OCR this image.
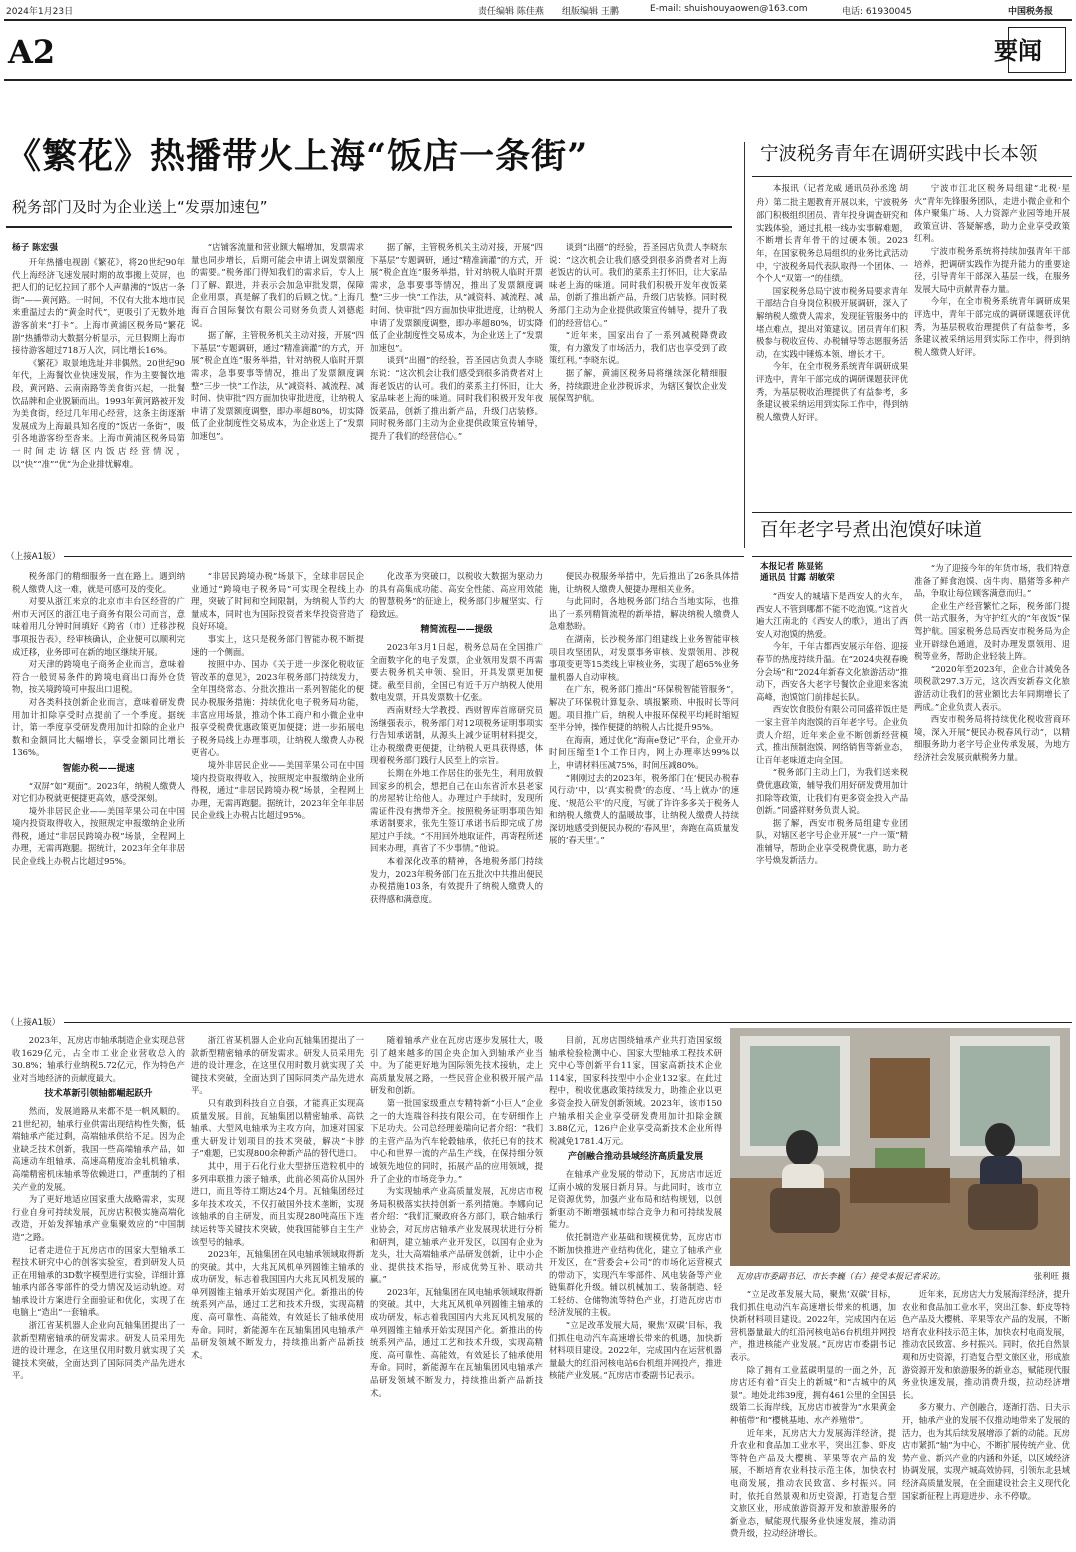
2024年1月23日	责任编辑 陈佳燕 组版编辑 王鹏	E-mail: shuishouyaowen@163.com	电话: 61930045	中国税务报
A2	要闻
《繁花》热播带火上海“饭店一条街”
税务部门及时为企业送上“发票加速包”
杨子 陈宏强

开年热播电视剧《繁花》，将20世纪90年代上海经济飞速发展时期的故事搬上荧屏，也把人们的记忆拉回了那个人声鼎沸的“饭店一条街”——黄河路。一时间，不仅有大批本地市民来重温过去的“黄金时代”，更吸引了无数外地游客前来“打卡”。上海市黄浦区税务局“繁花剧”热播带动大数据分析显示，元旦假期上海市接待游客超过718万人次，同比增长16%。

《繁花》取景地选址并非偶然。20世纪90年代，上海餐饮业快速发展，作为主要餐饮地段，黄河路、云南南路等美食街兴起，一批餐饮品牌和企业脱颖而出。1993年黄河路被开发为美食街，经过几年用心经营，这条主街逐渐发展成为上海最具知名度的“饭店一条街”，吸引各地游客纷至沓来。上海市黄浦区税务局第一时间走访辖区内饭店经营情况，以“快”“准”“优”为企业排忧解难。

“店铺客流量和营业额大幅增加，发票需求量也同步增长，后期可能会申请上调发票额度的需要。”税务部门得知我们的需求后，专人上门了解、跟进，并表示会加急审批发票，保障企业用票，真是解了我们的后顾之忧。”上海几海百合国际餐饮有限公司财务负责人刘德彪说。

据了解，主管税务机关主动对接，开展“四下基层”专题调研，通过“精准滴灌”的方式，开展“税企直连”服务举措，针对纳税人临时开票需求，急事要事等情况，推出了发票额度调整“三步一快”工作法，从“减资料、减流程、减时间、快审批”四方面加快审批进度，让纳税人申请了发票额度调整，即办率超80%，切实降低了企业制度性交易成本，为企业送上了“发票加速包”。

据了解，主管税务机关主动对接，开展“四下基层”专题调研，通过“精准滴灌”的方式，开展“税企直连”服务举措，针对纳税人临时开票需求，急事要事等情况，推出了发票额度调整“三步一快”工作法，从“减资料、减流程、减时间、快审批”四方面加快审批进度，让纳税人申请了发票额度调整，即办率超80%，切实降低了企业制度性交易成本，为企业送上了“发票加速包”。

谈到“出圈”的经验，苔圣园店负责人李晓东说：“这次机会让我们感受到很多消费者对上海老饭店的认可。我们的菜系主打怀旧，让大家品味老上海的味道。同时我们积极开发年夜饭菜品，创新了推出新产品，升级门店装修。同时税务部门主动为企业提供政策宣传辅导，提升了我们的经营信心。”

谈到“出圈”的经验，苔圣园店负责人李晓东说：“这次机会让我们感受到很多消费者对上海老饭店的认可。我们的菜系主打怀旧，让大家品味老上海的味道。同时我们积极开发年夜饭菜品，创新了推出新产品，升级门店装修。同时税务部门主动为企业提供政策宣传辅导，提升了我们的经营信心。”

“近年来，国家出台了一系列减税降费政策，有力激发了市场活力，我们店也享受到了政策红利。”李晓东说。

据了解，黄浦区税务局将继续深化精细服务，持续跟进企业涉税诉求，为辖区餐饮企业发展保驾护航。

宁波税务青年在调研实践中长本领

本报讯（记者龙威 通讯员孙丞逸 胡舟）第二批主题教育开展以来，宁波税务部门积极组织团员、青年投身调查研究和实践体验，通过扎根一线办实事解难题，不断增长青年骨干的过硬本领。2023年，在国家税务总局组织的业务比武活动中，宁波税务局代表队取得一个团体、一个个人“双第一”的佳绩。

国家税务总局宁波市税务局要求青年干部结合自身岗位积极开展调研，深入了解纳税人缴费人需求，发现征管服务中的堵点难点，提出对策建议。团员青年们积极参与税收宣传、办税辅导等志愿服务活动，在实践中锤炼本领、增长才干。

今年，在全市税务系统青年调研成果评选中，青年干部完成的调研课题获评优秀，为基层税收治理提供了有益参考，多条建议被采纳运用到实际工作中，得到纳税人缴费人好评。

宁波市江北区税务局组建“北税·星火”青年先锋服务团队，走进小微企业和个体户聚集广场、人力资源产业园等地开展政策宣讲、答疑解惑，助力企业享受政策红利。

宁波市税务系统将持续加强青年干部培养，把调研实践作为提升能力的重要途径，引导青年干部深入基层一线，在服务发展大局中贡献青春力量。

今年，在全市税务系统青年调研成果评选中，青年干部完成的调研课题获评优秀，为基层税收治理提供了有益参考，多条建议被采纳运用到实际工作中，得到纳税人缴费人好评。

百年老字号煮出泡馍好味道
本报记者 陈显铭
通讯员 甘露 胡敏荣

“西安人的城墙下是西安人的火车，西安人不管到哪都不能不吃泡馍。”这首火遍大江南北的《西安人的歌》，道出了西安人对泡馍的热爱。

今年，千年古都西安展示年俗、迎接春节的热度持续升温。在“2024央视春晚分会场”和“2024年新春文化旅游活动”推动下，西安各大老字号餐饮企业迎来客流高峰，泡馍馆门前排起长队。

西安饮食股份有限公司同盛祥饭庄是一家主营羊肉泡馍的百年老字号。企业负责人介绍，近年来企业不断创新经营模式，推出预制泡馍、网络销售等新业态，让百年老味道走向全国。

“税务部门主动上门，为我们送来税费优惠政策，辅导我们用好研发费用加计扣除等政策，让我们有更多资金投入产品创新。”同盛祥财务负责人说。

据了解，西安市税务局组建专业团队，对辖区老字号企业开展“一户一策”精准辅导，帮助企业享受税费优惠，助力老字号焕发新活力。

“为了迎接今年的年货市场，我们特意准备了鲜食泡馍、卤牛肉、腊猪等多种产品，争取让每位顾客满意而归。”

企业生产经营繁忙之际，税务部门提供一站式服务，为守护红火的“年夜饭”保驾护航。国家税务总局西安市税务局为企业开辟绿色通道，及时办理发票领用、退税等业务，帮助企业轻装上阵。

“2020年至2023年，企业合计减免各项税款297.3万元，这次西安新春文化旅游活动让我们的营业额比去年同期增长了两成。”企业负责人表示。

西安市税务局将持续优化税收营商环境，深入开展“便民办税春风行动”，以精细服务助力老字号企业传承发展，为地方经济社会发展贡献税务力量。

（上接A1版）

税务部门的精细服务一直在路上。遇到纳税人缴费人这一难，就是可感可及的变化。

对要从浙江来京的北京市丰台区经营的广州市天河区的浙江电子商务有限公司而言，意味着用几分钟时间填好《跨省（市）迁移涉税事项报告表》，经审核确认，企业便可以顺利完成迁移，业务即可在新的地区继续开展。

对天津的跨境电子商务企业而言，意味着符合一般贸易条件的跨境电商出口海外仓货物，按关境跨境可申报出口退税。

对各类科技创新企业而言，意味着研发费用加计扣除享受时点提前了一个季度。据统计，第一季度享受研发费用加计扣除的企业户数和金额同比大幅增长，享受金额同比增长136%。

智能办税——提速

“双屏”如“观面”。2023年，纳税人缴费人对它们办税就更便捷更高效，感受深刻。

境外非居民企业——美国苹果公司在中国境内投资取得收入，按照规定申报缴纳企业所得税，通过“非居民跨境办税”场景，全程网上办理，无需再跑腿。据统计，2023年全年非居民企业线上办税占比超过95%。

“非居民跨境办税”场景下，全球非居民企业通过“跨境电子税务局”可实现全程线上办理，突破了时间和空间限制，为纳税人节约大量成本，同时也为国际投资者来华投资营造了良好环境。

事实上，这只是税务部门智能办税不断提速的一个侧面。

按照中办、国办《关于进一步深化税收征管改革的意见》，2023年税务部门持续发力，全年围绕常态、分批次推出一系列智能化的便民办税服务措施：持续优化电子税务局功能，丰富应用场景，推动个体工商户和小微企业申报享受税费优惠政策更加便捷；进一步拓展电子税务局线上办理事项，让纳税人缴费人办税更省心。

境外非居民企业——美国苹果公司在中国境内投资取得收入，按照规定申报缴纳企业所得税，通过“非居民跨境办税”场景，全程网上办理，无需再跑腿。据统计，2023年全年非居民企业线上办税占比超过95%。

化改革为突破口，以税收大数据为驱动力的具有高集成功能、高安全性能、高应用效能的智慧税务”的征途上，税务部门步履坚实、行稳致远。

精简流程——提级

2023年3月1日起，税务总局在全国推广全面数字化的电子发票，企业领用发票不再需要去税务机关申领、验旧，开具发票更加便捷。截至目前，全国已有近千万户纳税人使用数电发票，开具发票数十亿张。

西南财经大学教授、西财智库首席研究员汤继强表示，税务部门对12项税务证明事项实行告知承诺制，从源头上减少证明材料提交，让办税缴费更便捷，让纳税人更具获得感，体现着税务部门践行人民至上的宗旨。

长期在外地工作居住的张先生，利用放假回家乡的机会，想把自己在山东省沂水县老家的房屋转让给他人。办理过户手续时，发现所需证件没有携带齐全。按照税务证明事项告知承诺制要求，张先生签订承诺书后即完成了房屋过户手续。“不用回外地取证件，再寄程所述回来办理，真省了不少事情。”他说。

本着深化改革的精神，各地税务部门持续发力，2023年税务部门在五批次中共推出便民办税措施103条，有效提升了纳税人缴费人的获得感和满意度。

便民办税服务举措中，先后推出了26条具体措施，让纳税人缴费人便捷办理相关业务。

与此同时，各地税务部门结合当地实际，也推出了一系列精简流程的新举措，解决纳税人缴费人急难愁盼。

在湖南，长沙税务部门组建线上业务智能审核项目攻坚团队，对发票事务审核、发票领用、涉税事项变更等15类线上审核业务，实现了超65%业务量机器人自动审核。

在广东，税务部门推出“环保税智能管服务”，解决了环保税计算复杂、填报繁琐、申报时长等问题。项目推广后，纳税人申报环保税平均耗时缩短至半分钟，操作便捷的纳税人占比提升95%。

在海南，通过优化“海南e登记”平台，企业开办时间压缩至1个工作日内，网上办理率达99%以上，申请材料压减75%，时间压减80%。

“刚刚过去的2023年，税务部门在‘便民办税春风行动’中，以‘真实税费’的态度、‘马上就办’的速度、‘规范公平’的尺度，写就了许许多多关于税务人和纳税人缴费人的温暖故事，让纳税人缴费人持续深切地感受到便民办税的‘春风里’，奔跑在高质量发展的‘春天里’。”

（上接A1版）

2023年，瓦房店市轴承制造企业实现总营收1629亿元，占全市工业企业营收总入的30.8%；轴承行业纳税5.72亿元，作为特色产业对当地经济的贡献度最大。

技术革新引领轴都崛起跃升

然而，发展道路从来都不是一帆风顺的。21世纪初，轴承行业供需出现结构性失衡，低端轴承产能过剩，高端轴承供给不足。因为企业缺乏技术创新，我国一些高端轴承产品，如高速动车组轴承、高速高精度冶金轧机轴承、高端精密机床轴承等依赖进口，严重制约了相关产业的发展。

为了更好地适应国家重大战略需求，实现行业自身可持续发展，瓦房店积极实施高端化改造，开始发挥轴承产业集聚效应的“中国制造”之路。

记者走进位于瓦房店市的国家大型轴承工程技术研究中心的创客实验室，看到研发人员正在用轴承的3D数字模型进行实验，详细计算轴承内部各零部件的受力情况及运动轨迹。对轴承设计方案进行全面验证和优化，实现了在电脑上“造出”一套轴承。

浙江省某机器人企业向瓦轴集团提出了一款新型精密轴承的研发需求。研发人员采用先进的设计理念，在这里仅用时数月就实现了关键技术突破，全面达到了国际同类产品先进水平。

浙江省某机器人企业向瓦轴集团提出了一款新型精密轴承的研发需求。研发人员采用先进的设计理念，在这里仅用时数月就实现了关键技术突破，全面达到了国际同类产品先进水平。

只有敢到科技自立自强，才能真正实现高质量发展。目前，瓦轴集团以精密轴承、高铁轴承、大型风电轴承为主攻方向，加速对国家重大研发计划项目的技术突破，解决“卡脖子”难题，已实现800余种新产品的替代进口。

其中，用于石化行业大型挤压造粒机中的多列串联推力滚子轴承，此前必须高价从国外进口，而且等待工期达24个月。瓦轴集团经过多年技术攻关，不仅打破国外技术垄断，实现该轴承的自主研发，而且实现280吨高压下连续运转等关键技术突破，使我国能够自主生产该型号的轴承。

2023年，瓦轴集团在风电轴承领域取得新的突破。其中，大兆瓦风机单列圆锥主轴承的成功研发，标志着我国国内大兆瓦风机发展的单列圆锥主轴承开始实现国产化。新推出的传统系列产品，通过工艺和技术升级，实现高精度、高可靠性、高能效，有效延长了轴承使用寿命。同时，新能源车在瓦轴集团风电轴承产品研发领域不断发力，持续推出新产品新技术。

随着轴承产业在瓦房店逐步发展壮大，吸引了越来越多的国企央企加入到轴承产业当中。为了能更好地为国际领先技术接轨，走上高质量发展之路，一些民营企业积极开展产品研发和创新。

第一批国家级重点专精特新“小巨人”企业之一的大连瑞谷科技有限公司，在专研细作上下足功夫。公司总经理姜瑞向记者介绍：“我们的主营产品为汽车轮毂轴承，依托已有的技术中心和世界一流的产品生产线，在保持细分领域领先地位的同时，拓展产品的应用领域，提升了企业的市场竞争力。”

为实现轴承产业高质量发展，瓦房店市税务局积极落实扶持创新一系列措施。李娜向记者介绍：“我们汇聚政府各方部门，联合轴承行业协会，对瓦房店轴承产业发展现状进行分析和研判，建立轴承产业开发区，以国有企业为龙头，壮大高端轴承产品研发创新，让中小企业、提供技术指导，形成优势互补、联动共赢。”

2023年，瓦轴集团在风电轴承领域取得新的突破。其中，大兆瓦风机单列圆锥主轴承的成功研发，标志着我国国内大兆瓦风机发展的单列圆锥主轴承开始实现国产化。新推出的传统系列产品，通过工艺和技术升级，实现高精度、高可靠性、高能效，有效延长了轴承使用寿命。同时，新能源车在瓦轴集团风电轴承产品研发领域不断发力，持续推出新产品新技术。

目前，瓦房店围绕轴承产业共打造国家级轴承检验检测中心、国家大型轴承工程技术研究中心等创新平台11家，国家高新技术企业114家，国家科技型中小企业132家。在此过程中，税收优惠政策持续发力，助推企业以更多资金投入研发创新领域。2023年，该市150户轴承相关企业享受研发费用加计扣除金额3.88亿元，126户企业享受高新技术企业所得税减免1781.4万元。

产创融合推动县域经济高质量发展

在轴承产业发展的带动下，瓦房店市远近辽南小城的发展日新月异。与此同时，该市立足资源优势，加强产业布局和结构规划，以创新驱动不断增强城市综合竞争力和可持续发展能力。

依托制造产业基础和规模优势，瓦房店市不断加快推进产业结构优化，建立了轴承产业开发区，在“营委会+公司”的市场化运营模式的带动下，实现汽车零部件、风电装备等产业链集群化升级。辅以机械加工、装备制造、轻工轻纺、仓储物流等特色产业，打造瓦房店市经济发展的主板。

“立足改革发展大局，聚焦‘双碳’目标，我们抓住电动汽车高速增长带来的机遇，加快新材料项目建设。2022年，完成国内在运营机器量最大的红沿河核电站6台机组并网投产，推进核能产业发展。”瓦房店市委副书记表示。

瓦房店市委副书记、市长李巍（右）接受本报记者采访。	张利旺 摄

“立足改革发展大局，聚焦‘双碳’目标，我们抓住电动汽车高速增长带来的机遇，加快新材料项目建设。2022年，完成国内在运营机器量最大的红沿河核电站6台机组并网投产，推进核能产业发展。”瓦房店市委副书记表示。

除了拥有工业蓝碳明显的一面之外，瓦房店还有着“百尖上的新城”和“古城中的风景”。地处北纬39度，拥有461公里的全国县级第二长海岸线，瓦房店市被誉为“水果黄金种植带”和“樱桃基地、水产养殖带”。

近年来，瓦房店大力发展海洋经济，提升农业和食品加工业水平，突出江参、虾皮等特色产品及大樱桃、苹果等农产品的发展，不断培育农业科技示范主体，加快农村电商发展，推动农民致富、乡村振兴。同时，依托自然景观和历史资源，打造复合型文旅区业，形成旅游资源开发和旅游服务的新业态，赋能现代服务业快速发展，推动消费升级，拉动经济增长。

近年来，瓦房店大力发展海洋经济，提升农业和食品加工业水平，突出江参、虾皮等特色产品及大樱桃、苹果等农产品的发展，不断培育农业科技示范主体，加快农村电商发展，推动农民致富、乡村振兴。同时，依托自然景观和历史资源，打造复合型文旅区业，形成旅游资源开发和旅游服务的新业态，赋能现代服务业快速发展，推动消费升级，拉动经济增长。

多方聚力、产创融合，逐渐打浩、日夫示开，轴承产业的发展不仅推动地带来了发展的活力，也为其后续发展增添了新的动能。瓦房店市紧抓“轴”为中心，不断扩展传统产业、优势产业、新兴产业的内涵和外延，以区域经济协调发展，实现产城高效协同，引领东北县域经济高质量发展，在全面建设社会主义现代化国家新征程上再迎进步、永不停歇。
